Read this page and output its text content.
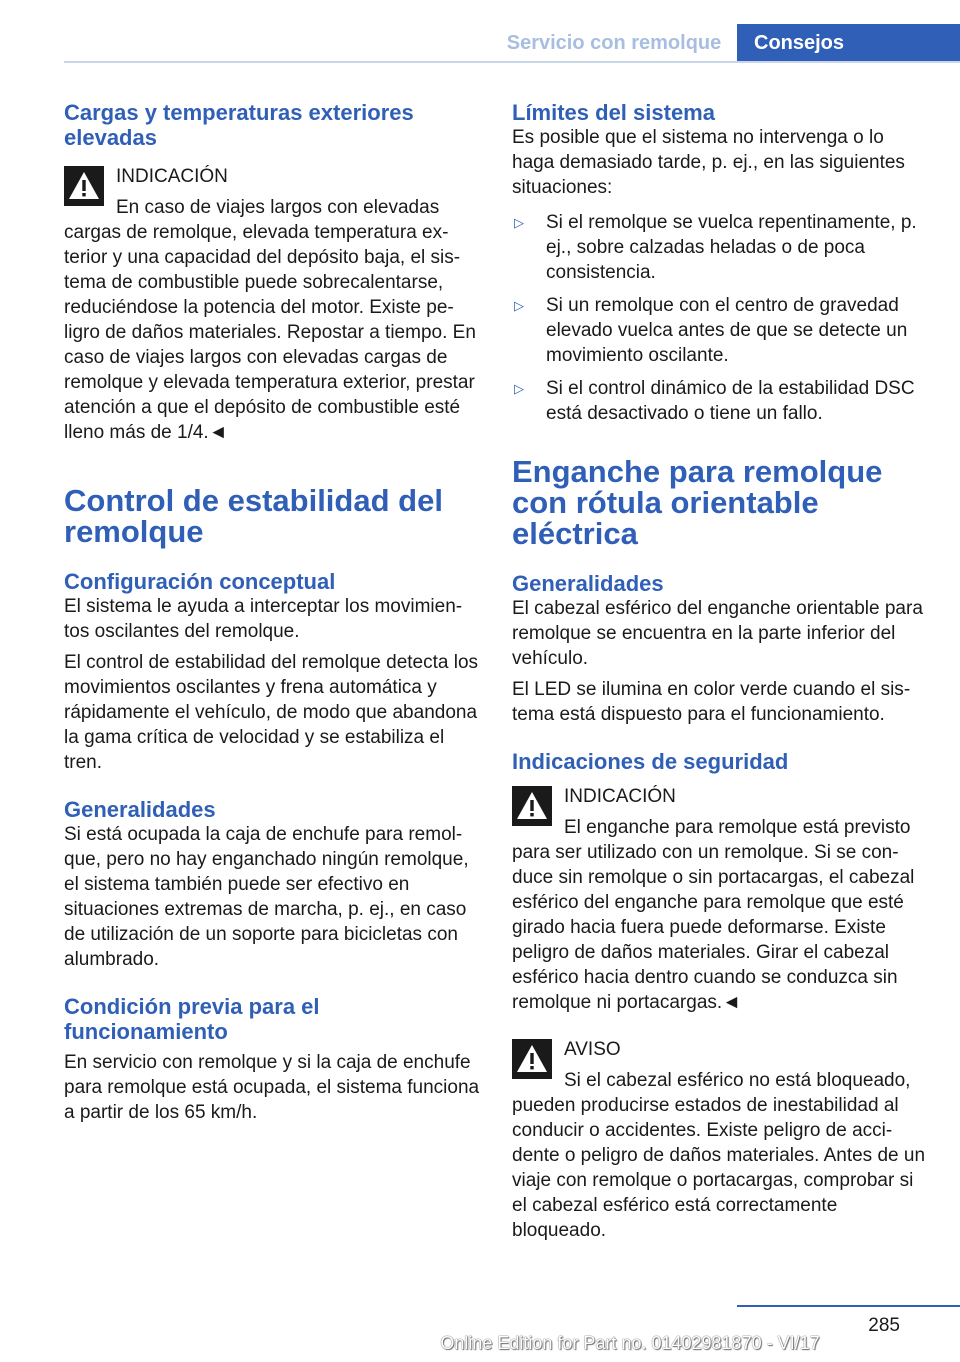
Servicio con remolque	Consejos
Cargas y temperaturas exteriores elevadas

INDICACIÓN

En caso de viajes largos con elevadas cargas de remolque, elevada temperatura exterior y una capacidad del depósito baja, el sistema de combustible puede sobrecalentarse, reduciéndose la potencia del motor. Existe peligro de daños materiales. Repostar a tiempo. En caso de viajes largos con elevadas cargas de remolque y elevada temperatura exterior, prestar atención a que el depósito de combustible esté lleno más de 1/4.◄

Control de estabilidad del remolque
Configuración conceptual

El sistema le ayuda a interceptar los movimientos oscilantes del remolque.

El control de estabilidad del remolque detecta los movimientos oscilantes y frena automática y rápidamente el vehículo, de modo que abandona la gama crítica de velocidad y se estabiliza el tren.

Generalidades

Si está ocupada la caja de enchufe para remolque, pero no hay enganchado ningún remolque, el sistema también puede ser efectivo en situaciones extremas de marcha, p. ej., en caso de utilización de un soporte para bicicletas con alumbrado.

Condición previa para el funcionamiento

En servicio con remolque y si la caja de enchufe para remolque está ocupada, el sistema funciona a partir de los 65 km/h.

Límites del sistema

Es posible que el sistema no intervenga o lo haga demasiado tarde, p. ej., en las siguientes situaciones:

▷ Si el remolque se vuelca repentinamente, p. ej., sobre calzadas heladas o de poca consistencia.
▷ Si un remolque con el centro de gravedad elevado vuelca antes de que se detecte un movimiento oscilante.
▷ Si el control dinámico de la estabilidad DSC está desactivado o tiene un fallo.
Enganche para remolque con rótula orientable eléctrica
Generalidades

El cabezal esférico del enganche orientable para remolque se encuentra en la parte inferior del vehículo.

El LED se ilumina en color verde cuando el sistema está dispuesto para el funcionamiento.

Indicaciones de seguridad

INDICACIÓN

El enganche para remolque está previsto para ser utilizado con un remolque. Si se conduce sin remolque o sin portacargas, el cabezal esférico del enganche para remolque que esté girado hacia fuera puede deformarse. Existe peligro de daños materiales. Girar el cabezal esférico hacia dentro cuando se conduzca sin remolque ni portacargas.◄

AVISO

Si el cabezal esférico no está bloqueado, pueden producirse estados de inestabilidad al conducir o accidentes. Existe peligro de accidente o peligro de daños materiales. Antes de un viaje con remolque o portacargas, comprobar si el cabezal esférico está correctamente bloqueado.

285
Online Edition for Part no. 01402981870 - VI/17
